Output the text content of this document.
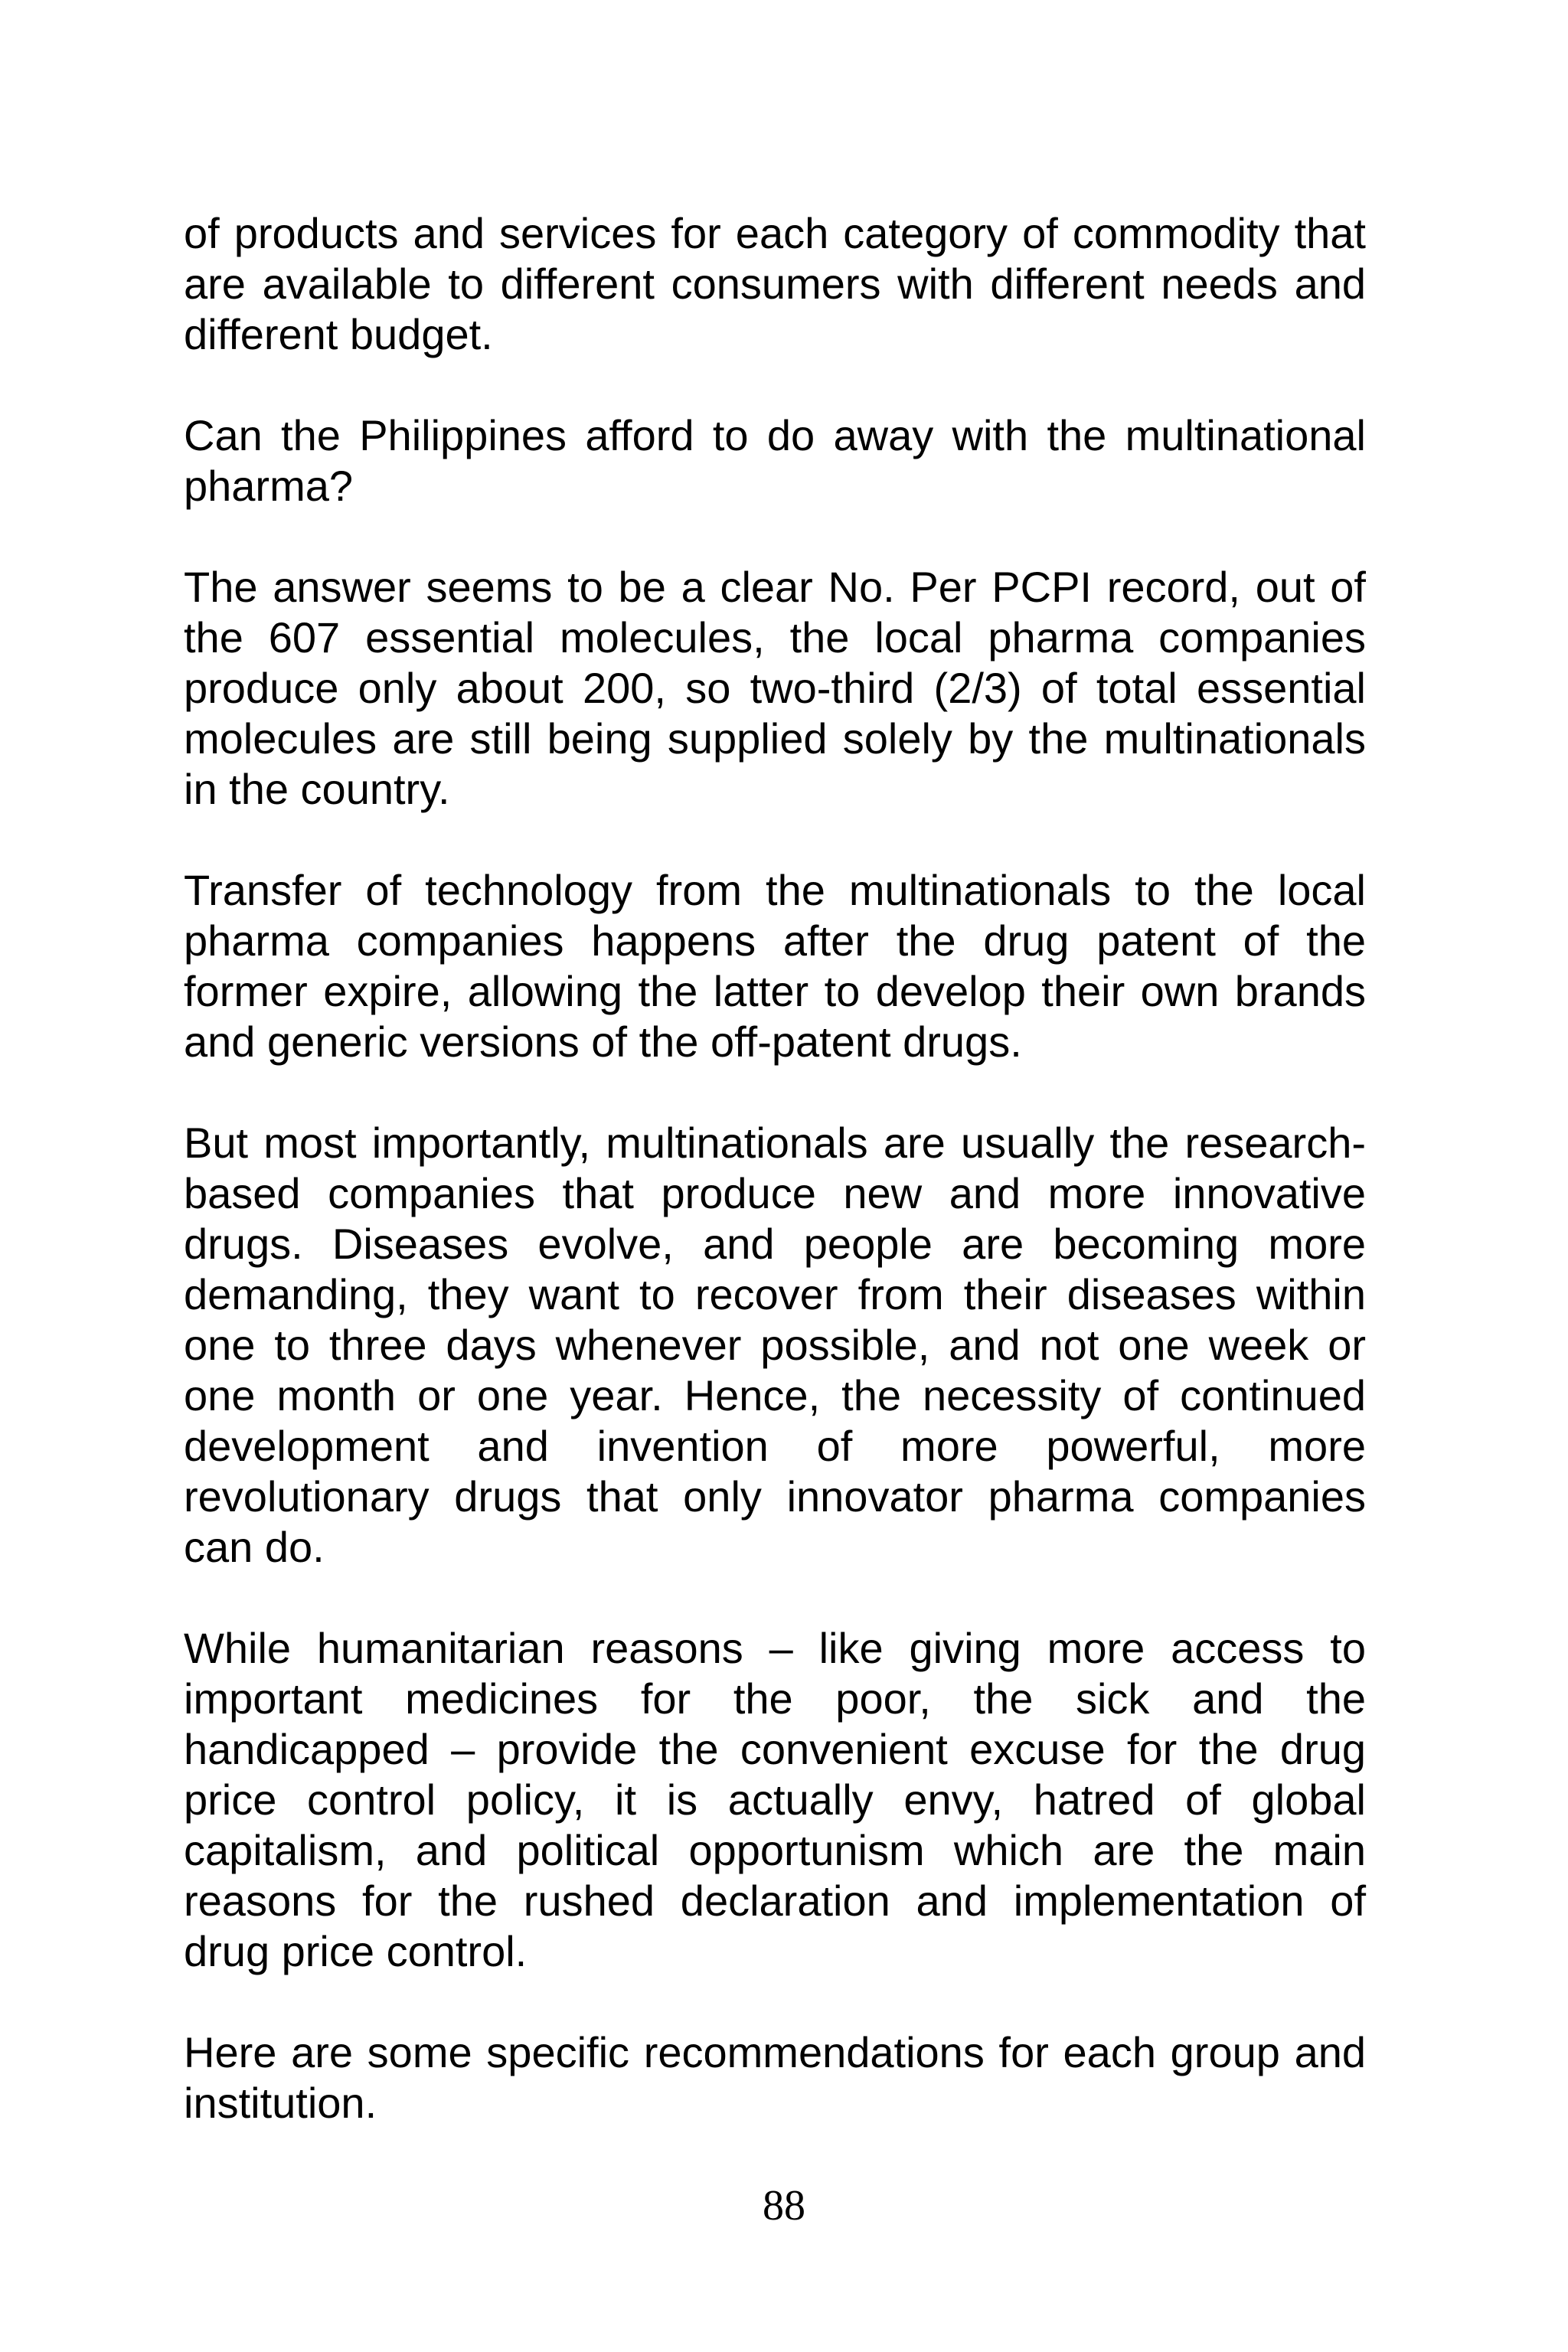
of products and services for each category of commodity that are available to different consumers with different needs and different budget.

Can the Philippines afford to do away with the multinational pharma?

The answer seems to be a clear No. Per PCPI record, out of the 607 essential molecules, the local pharma companies produce only about 200, so two-third (2/3) of total essential molecules are still being supplied solely by the multinationals in the country.

Transfer of technology from the multinationals to the local pharma companies happens after the drug patent of the former expire, allowing the latter to develop their own brands and generic versions of the off-patent drugs.

But most importantly, multinationals are usually the research-based companies that produce new and more innovative drugs. Diseases evolve, and people are becoming more demanding, they want to recover from their diseases within one to three days whenever possible, and not one week or one month or one year. Hence, the necessity of continued development and invention of more powerful, more revolutionary drugs that only innovator pharma companies can do.

While humanitarian reasons – like giving more access to important medicines for the poor, the sick and the handicapped – provide the convenient excuse for the drug price control policy, it is actually envy, hatred of global capitalism, and political opportunism which are the main reasons for the rushed declaration and implementation of drug price control.

Here are some specific recommendations for each group and institution.

88
